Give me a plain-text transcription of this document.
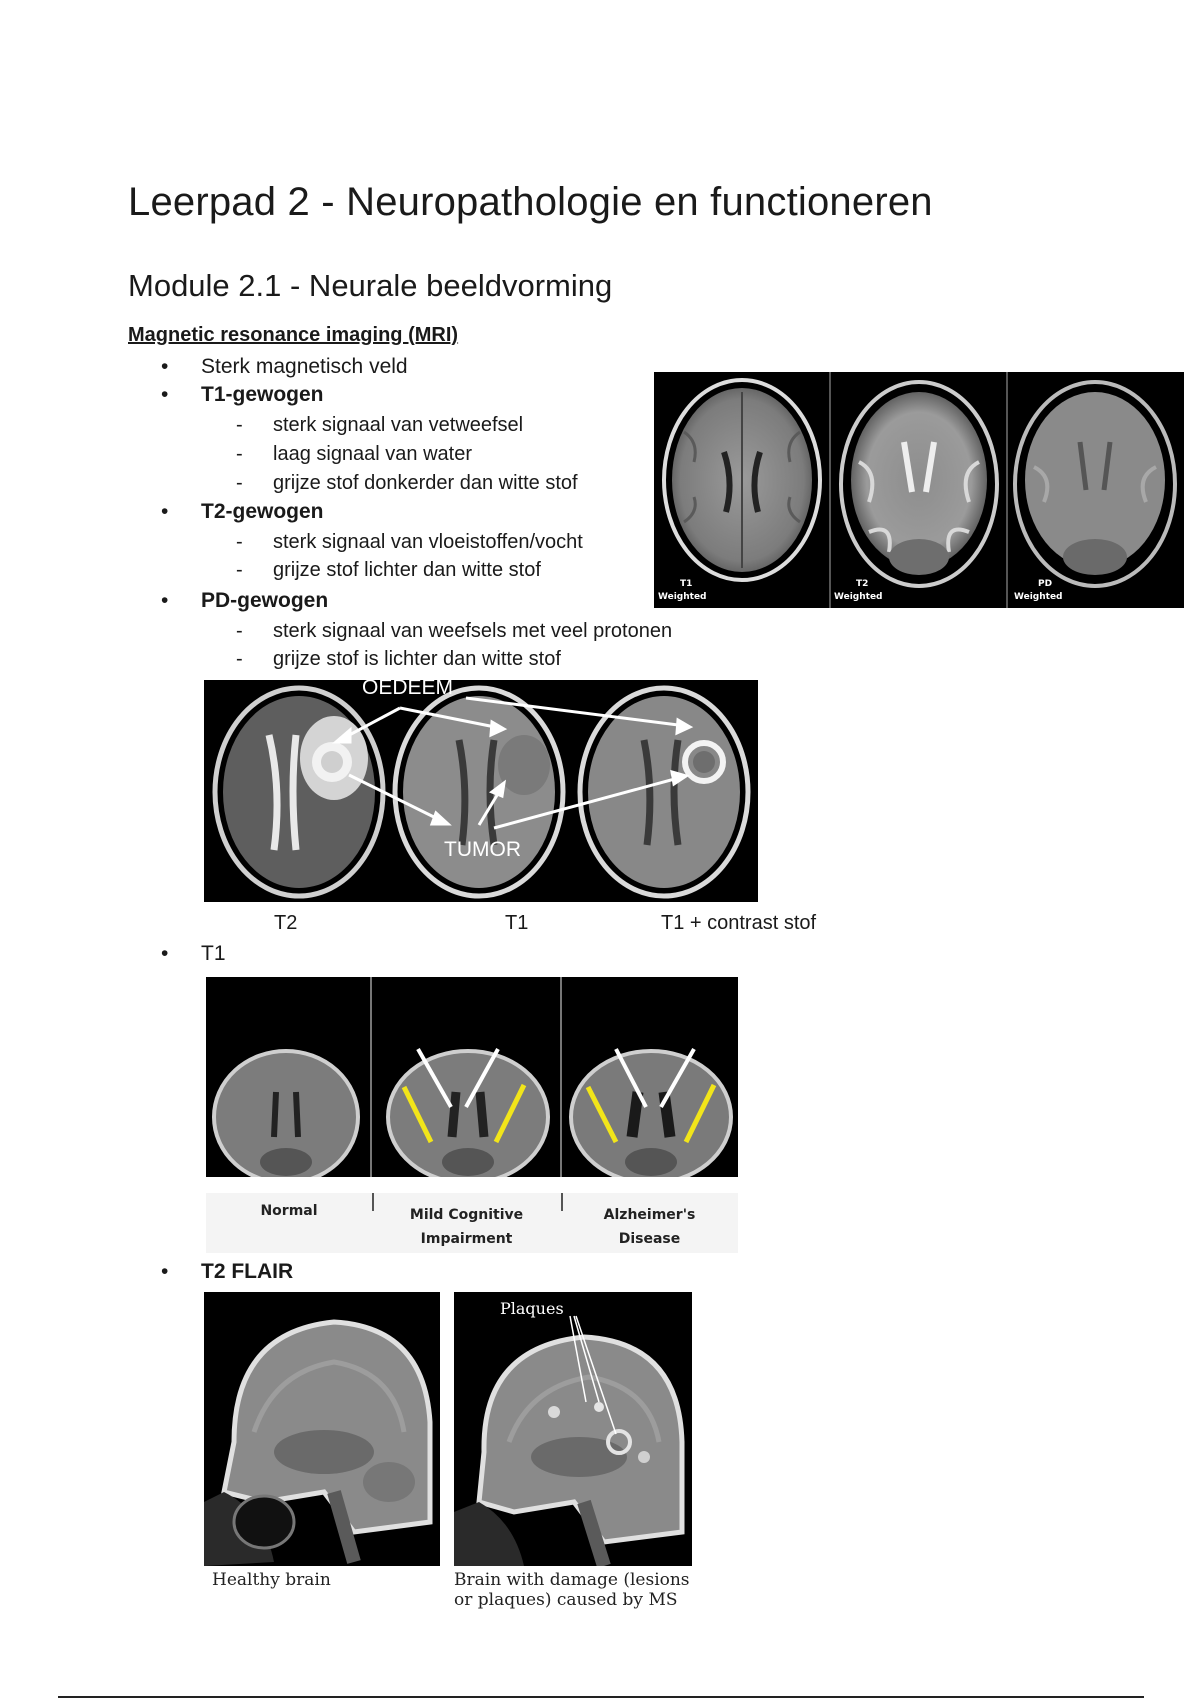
Leerpad 2 - Neuropathologie en functioneren
Module 2.1 - Neurale beeldvorming
Magnetic resonance imaging (MRI)
Sterk magnetisch veld
T1-gewogen
sterk signaal van vetweefsel
laag signaal van water
grijze stof donkerder dan witte stof
T2-gewogen
sterk signaal van vloeistoffen/vocht
grijze stof lichter dan witte stof
PD-gewogen
sterk signaal van weefsels met veel protonen
grijze stof is lichter dan witte stof
T1
Weighted
T2
Weighted
PD
Weighted
OEDEEM
TUMOR
T2	T1	T1 + contrast stof
T1
Normal	Mild Cognitive
Impairment
Alzheimer's
Disease
T2 FLAIR
Plaques
Healthy brain	Brain with damage (lesions
or plaques) caused by MS
